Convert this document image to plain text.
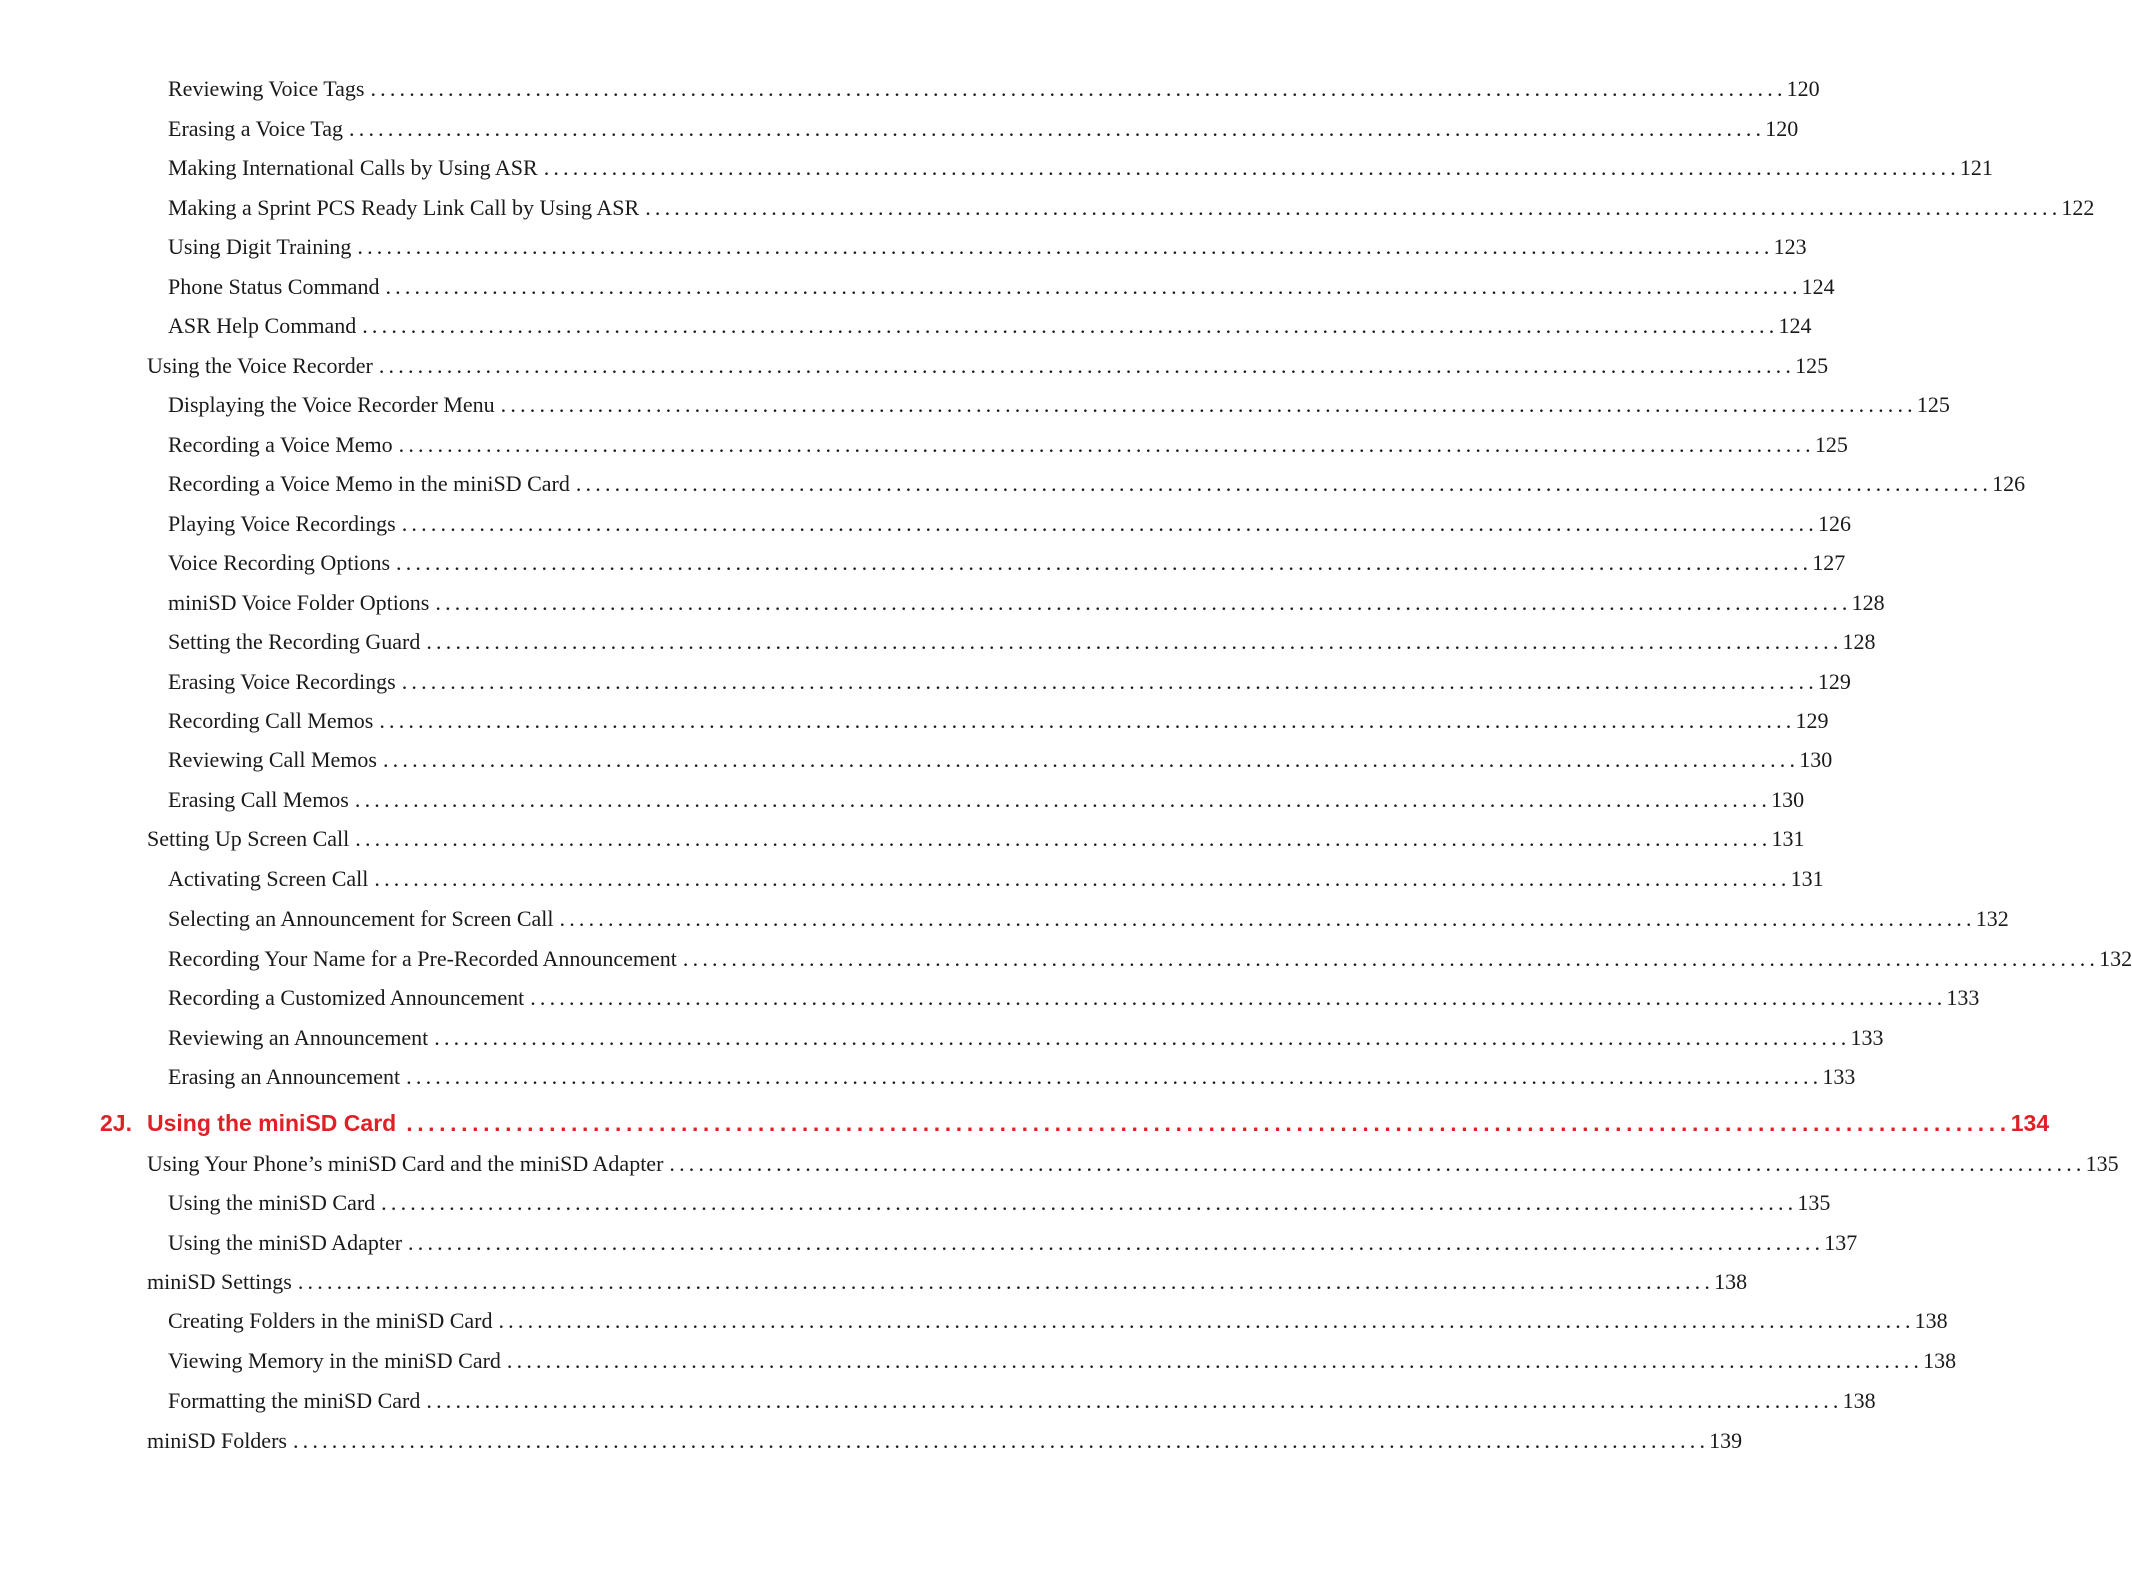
Reviewing Voice Tags .................................................................................................................................................. 120
Erasing a Voice Tag .................................................................................................................................................. 120
Making International Calls by Using ASR .................................................................................................................................................. 121
Making a Sprint PCS Ready Link Call by Using ASR .................................................................................................................................................. 122
Using Digit Training .................................................................................................................................................. 123
Phone Status Command .................................................................................................................................................. 124
ASR Help Command .................................................................................................................................................. 124
Using the Voice Recorder .................................................................................................................................................. 125
Displaying the Voice Recorder Menu .................................................................................................................................................. 125
Recording a Voice Memo .................................................................................................................................................. 125
Recording a Voice Memo in the miniSD Card .................................................................................................................................................. 126
Playing Voice Recordings .................................................................................................................................................. 126
Voice Recording Options .................................................................................................................................................. 127
miniSD Voice Folder Options .................................................................................................................................................. 128
Setting the Recording Guard .................................................................................................................................................. 128
Erasing Voice Recordings .................................................................................................................................................. 129
Recording Call Memos .................................................................................................................................................. 129
Reviewing Call Memos .................................................................................................................................................. 130
Erasing Call Memos .................................................................................................................................................. 130
Setting Up Screen Call .................................................................................................................................................. 131
Activating Screen Call .................................................................................................................................................. 131
Selecting an Announcement for Screen Call .................................................................................................................................................. 132
Recording Your Name for a Pre-Recorded Announcement .................................................................................................................................................. 132
Recording a Customized Announcement .................................................................................................................................................. 133
Reviewing an Announcement .................................................................................................................................................. 133
Erasing an Announcement .................................................................................................................................................. 133
2J. Using the miniSD Card .................................................................................................................................................. 134
Using Your Phone’s miniSD Card and the miniSD Adapter .................................................................................................................................................. 135
Using the miniSD Card .................................................................................................................................................. 135
Using the miniSD Adapter .................................................................................................................................................. 137
miniSD Settings .................................................................................................................................................. 138
Creating Folders in the miniSD Card .................................................................................................................................................. 138
Viewing Memory in the miniSD Card .................................................................................................................................................. 138
Formatting the miniSD Card .................................................................................................................................................. 138
miniSD Folders .................................................................................................................................................. 139
